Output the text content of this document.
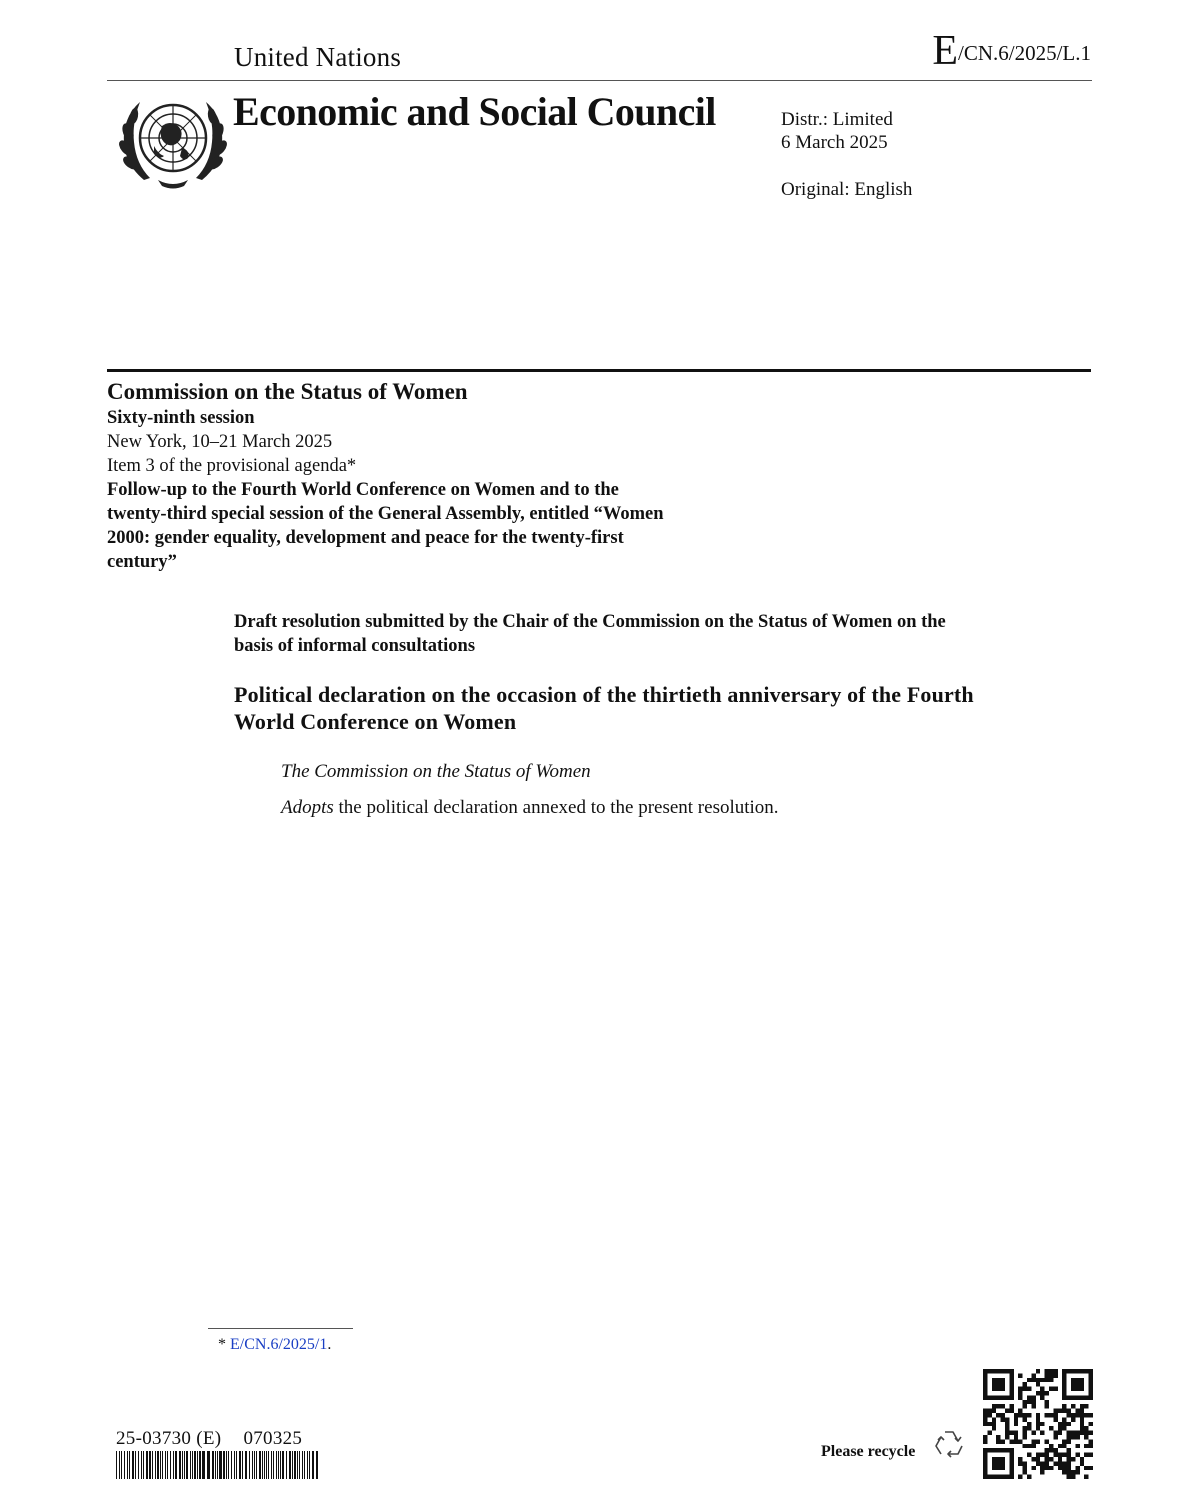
United Nations	E/CN.6/2025/L.1
Economic and Social Council	Distr.: Limited
6 March 2025
Original: English
Commission on the Status of Women
Sixty-ninth session
New York, 10–21 March 2025
Item 3 of the provisional agenda*
Follow-up to the Fourth World Conference on Women and to the twenty-third special session of the General Assembly, entitled “Women 2000: gender equality, development and peace for the twenty-first century”
Draft resolution submitted by the Chair of the Commission on the Status of Women on the basis of informal consultations
Political declaration on the occasion of the thirtieth anniversary of the Fourth World Conference on Women
The Commission on the Status of Women
Adopts the political declaration annexed to the present resolution.
* E/CN.6/2025/1.
25-03730 (E) 070325
Please recycle
